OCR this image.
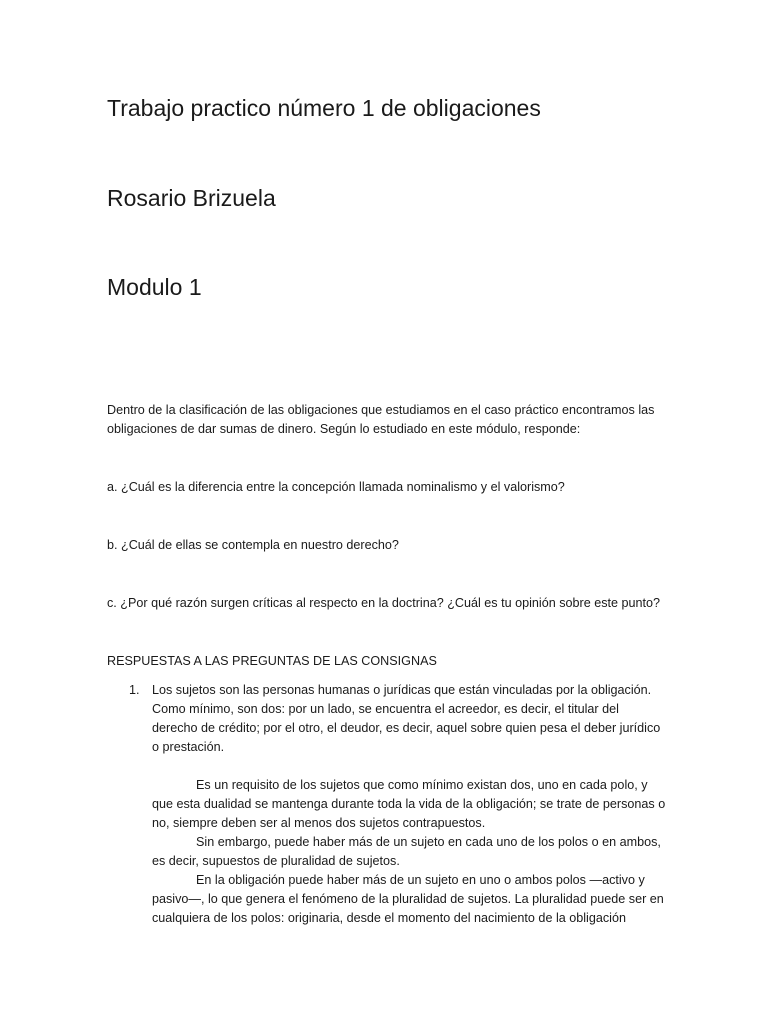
Trabajo practico número 1 de obligaciones
Rosario Brizuela
Modulo 1

Dentro de la clasificación de las obligaciones que estudiamos en el caso práctico encontramos las obligaciones de dar sumas de dinero. Según lo estudiado en este módulo, responde:

a. ¿Cuál es la diferencia entre la concepción llamada nominalismo y el valorismo?

b. ¿Cuál de ellas se contempla en nuestro derecho?

c. ¿Por qué razón surgen críticas al respecto en la doctrina? ¿Cuál es tu opinión sobre este punto?

RESPUESTAS A LAS PREGUNTAS DE LAS CONSIGNAS

1. Los sujetos son las personas humanas o jurídicas que están vinculadas por la obligación. Como mínimo, son dos: por un lado, se encuentra el acreedor, es decir, el titular del derecho de crédito; por el otro, el deudor, es decir, aquel sobre quien pesa el deber jurídico o prestación.

Es un requisito de los sujetos que como mínimo existan dos, uno en cada polo, y que esta dualidad se mantenga durante toda la vida de la obligación; se trate de personas o no, siempre deben ser al menos dos sujetos contrapuestos.

Sin embargo, puede haber más de un sujeto en cada uno de los polos o en ambos, es decir, supuestos de pluralidad de sujetos.

En la obligación puede haber más de un sujeto en uno o ambos polos —activo y pasivo—, lo que genera el fenómeno de la pluralidad de sujetos. La pluralidad puede ser en cualquiera de los polos: originaria, desde el momento del nacimiento de la obligación
